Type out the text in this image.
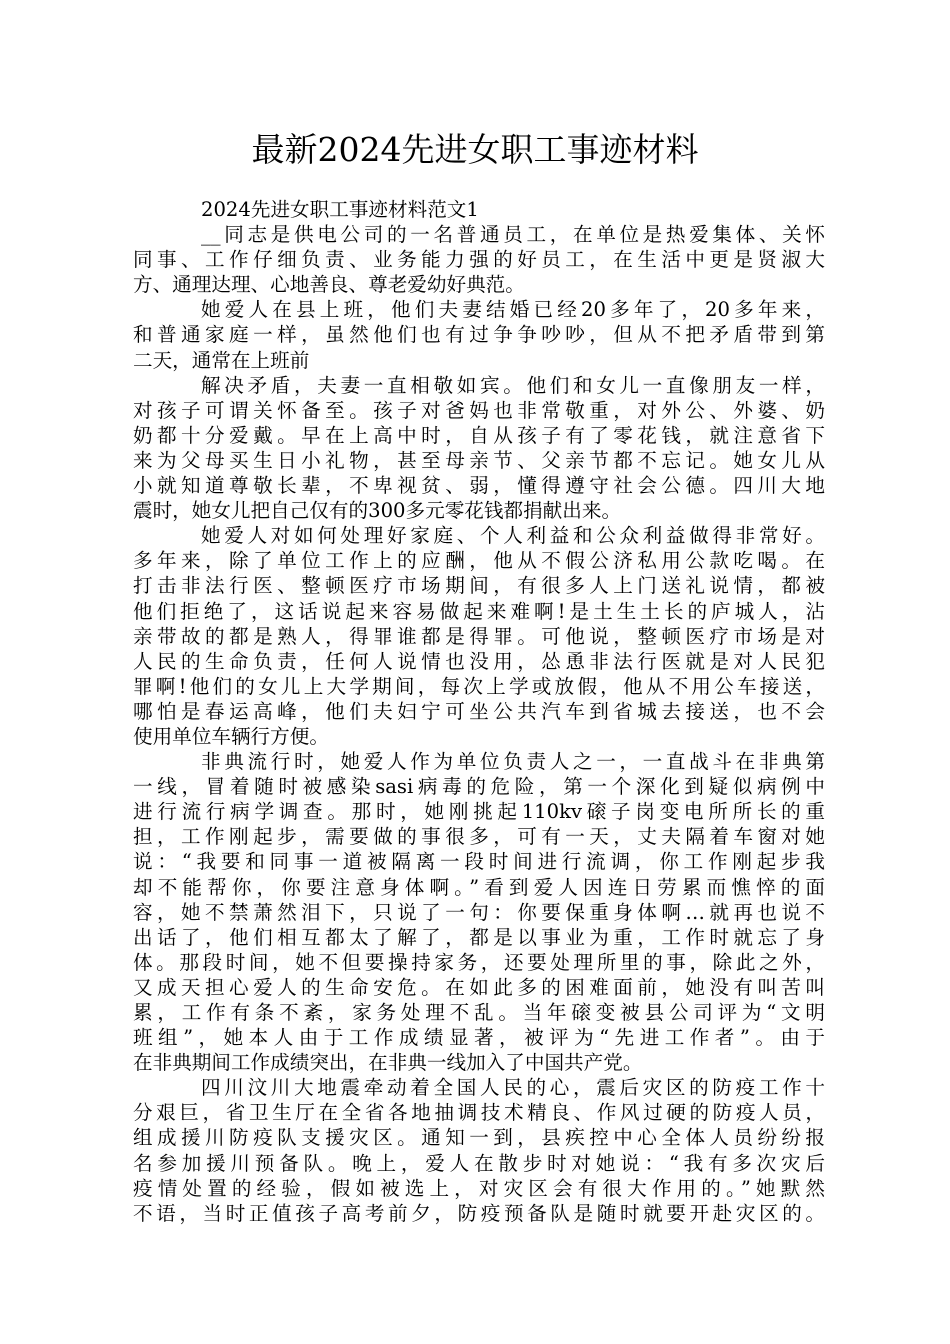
最新2024先进女职工事迹材料

2024先进女职工事迹材料范文1

__同志是供电公司的一名普通员工，在单位是热爱集体、关怀

同事、工作仔细负责、业务能力强的好员工，在生活中更是贤淑大

方、通理达理、心地善良、尊老爱幼好典范。

她爱人在县上班，他们夫妻结婚已经20多年了，20多年来，

和普通家庭一样，虽然他们也有过争争吵吵，但从不把矛盾带到第

二天，通常在上班前

解决矛盾，夫妻一直相敬如宾。他们和女儿一直像朋友一样，

对孩子可谓关怀备至。孩子对爸妈也非常敬重，对外公、外婆、奶

奶都十分爱戴。早在上高中时，自从孩子有了零花钱，就注意省下

来为父母买生日小礼物，甚至母亲节、父亲节都不忘记。她女儿从

小就知道尊敬长辈，不卑视贫、弱，懂得遵守社会公德。四川大地

震时，她女儿把自己仅有的300多元零花钱都捐献出来。

她爱人对如何处理好家庭、个人利益和公众利益做得非常好。

多年来，除了单位工作上的应酬，他从不假公济私用公款吃喝。在

打击非法行医、整顿医疗市场期间，有很多人上门送礼说情，都被

他们拒绝了，这话说起来容易做起来难啊!是土生土长的庐城人，沾

亲带故的都是熟人，得罪谁都是得罪。可他说，整顿医疗市场是对

人民的生命负责，任何人说情也没用，怂恿非法行医就是对人民犯

罪啊!他们的女儿上大学期间，每次上学或放假，他从不用公车接送，

哪怕是春运高峰，他们夫妇宁可坐公共汽车到省城去接送，也不会

使用单位车辆行方便。

非典流行时，她爱人作为单位负责人之一，一直战斗在非典第

一线，冒着随时被感染sasi病毒的危险，第一个深化到疑似病例中

进行流行病学调查。那时，她刚挑起110kv磙子岗变电所所长的重

担，工作刚起步，需要做的事很多，可有一天，丈夫隔着车窗对她

说：“我要和同事一道被隔离一段时间进行流调，你工作刚起步我

却不能帮你，你要注意身体啊。”看到爱人因连日劳累而憔悴的面

容，她不禁萧然泪下，只说了一句：你要保重身体啊…就再也说不

出话了，他们相互都太了解了，都是以事业为重，工作时就忘了身

体。那段时间，她不但要操持家务，还要处理所里的事，除此之外，

又成天担心爱人的生命安危。在如此多的困难面前，她没有叫苦叫

累，工作有条不紊，家务处理不乱。当年磙变被县公司评为“文明

班组”，她本人由于工作成绩显著，被评为“先进工作者”。由于

在非典期间工作成绩突出，在非典一线加入了中国共产党。

四川汶川大地震牵动着全国人民的心，震后灾区的防疫工作十

分艰巨，省卫生厅在全省各地抽调技术精良、作风过硬的防疫人员，

组成援川防疫队支援灾区。通知一到，县疾控中心全体人员纷纷报

名参加援川预备队。晚上，爱人在散步时对她说：“我有多次灾后

疫情处置的经验，假如被选上，对灾区会有很大作用的。”她默然

不语，当时正值孩子高考前夕，防疫预备队是随时就要开赴灾区的。
